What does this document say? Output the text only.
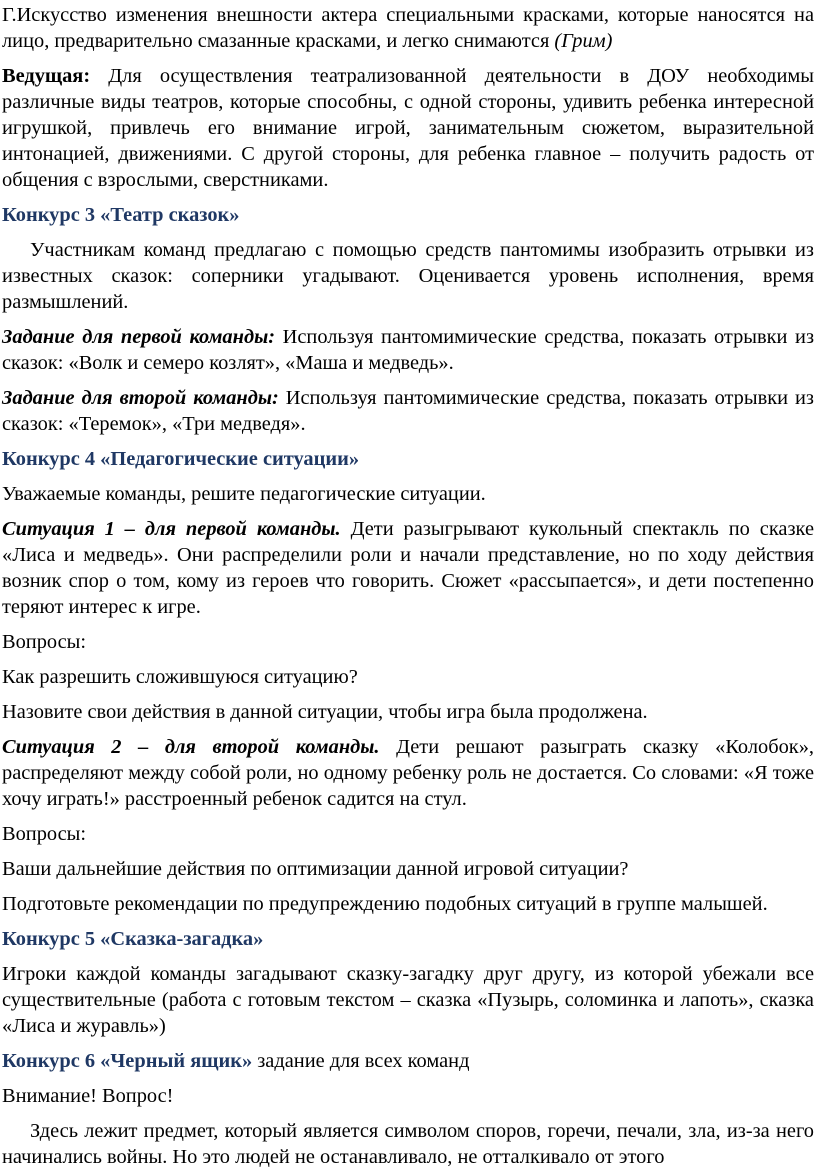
Г.Искусство изменения внешности актера специальными красками, которые наносятся на лицо, предварительно смазанные красками, и легко снимаются (Грим)

Ведущая: Для осуществления театрализованной деятельности в ДОУ необходимы различные виды театров, которые способны, с одной стороны, удивить ребенка интересной игрушкой, привлечь его внимание игрой, занимательным сюжетом, выразительной интонацией, движениями. С другой стороны, для ребенка главное – получить радость от общения с взрослыми, сверстниками.

Конкурс 3 «Театр сказок»

Участникам команд предлагаю с помощью средств пантомимы изобразить отрывки из известных сказок: соперники угадывают. Оценивается уровень исполнения, время размышлений.

Задание для первой команды: Используя пантомимические средства, показать отрывки из сказок: «Волк и семеро козлят», «Маша и медведь».

Задание для второй команды: Используя пантомимические средства, показать отрывки из сказок: «Теремок», «Три медведя».

Конкурс 4 «Педагогические ситуации»

Уважаемые команды, решите педагогические ситуации.

Ситуация 1 – для первой команды. Дети разыгрывают кукольный спектакль по сказке «Лиса и медведь». Они распределили роли и начали представление, но по ходу действия возник спор о том, кому из героев что говорить. Сюжет «рассыпается», и дети постепенно теряют интерес к игре.

Вопросы:

Как разрешить сложившуюся ситуацию?

Назовите свои действия в данной ситуации, чтобы игра была продолжена.

Ситуация 2 – для второй команды. Дети решают разыграть сказку «Колобок», распределяют между собой роли, но одному ребенку роль не достается. Со словами: «Я тоже хочу играть!» расстроенный ребенок садится на стул.

Вопросы:

Ваши дальнейшие действия по оптимизации данной игровой ситуации?

Подготовьте рекомендации по предупреждению подобных ситуаций в группе малышей.

Конкурс 5 «Сказка-загадка»

Игроки каждой команды загадывают сказку-загадку друг другу, из которой убежали все существительные (работа с готовым текстом – сказка «Пузырь, соломинка и лапоть», сказка «Лиса и журавль»)

Конкурс 6 «Черный ящик» задание для всех команд

Внимание! Вопрос!

Здесь лежит предмет, который является символом споров, горечи, печали, зла, из-за него начинались войны. Но это людей не останавливало, не отталкивало от этого
